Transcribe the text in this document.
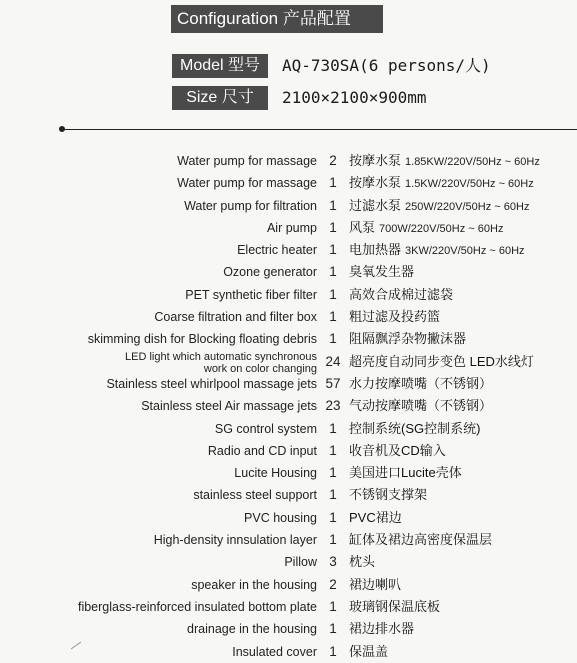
Configuration 产品配置
Model 型号	AQ-730SA(6 persons/人)
Size 尺寸	2100×2100×900mm
Water pump for massage 2 按摩水泵 1.85KW/220V/50Hz ~ 60Hz
Water pump for massage 1 按摩水泵 1.5KW/220V/50Hz ~ 60Hz
Water pump for filtration 1 过滤水泵 250W/220V/50Hz ~ 60Hz
Air pump 1 风泵 700W/220V/50Hz ~ 60Hz
Electric heater 1 电加热器 3KW/220V/50Hz ~ 60Hz
Ozone generator 1 臭氧发生器
PET synthetic fiber filter 1 高效合成棉过滤袋
Coarse filtration and filter box 1 粗过滤及投药篮
skimming dish for Blocking floating debris 1 阻隔飘浮杂物撇沫器
LED light which automatic synchronous
work on color changing 24 超亮度自动同步变色 LED水线灯
Stainless steel whirlpool massage jets 57 水力按摩喷嘴（不锈钢）
Stainless steel Air massage jets 23 气动按摩喷嘴（不锈钢）
SG control system 1 控制系统(SG控制系统)
Radio and CD input 1 收音机及CD输入
Lucite Housing 1 美国进口Lucite壳体
stainless steel support 1 不锈钢支撑架
PVC housing 1 PVC裙边
High-density innsulation layer 1 缸体及裙边高密度保温层
Pillow 3 枕头
speaker in the housing 2 裙边喇叭
fiberglass-reinforced insulated bottom plate 1 玻璃钢保温底板
drainage in the housing 1 裙边排水器
Insulated cover 1 保温盖
